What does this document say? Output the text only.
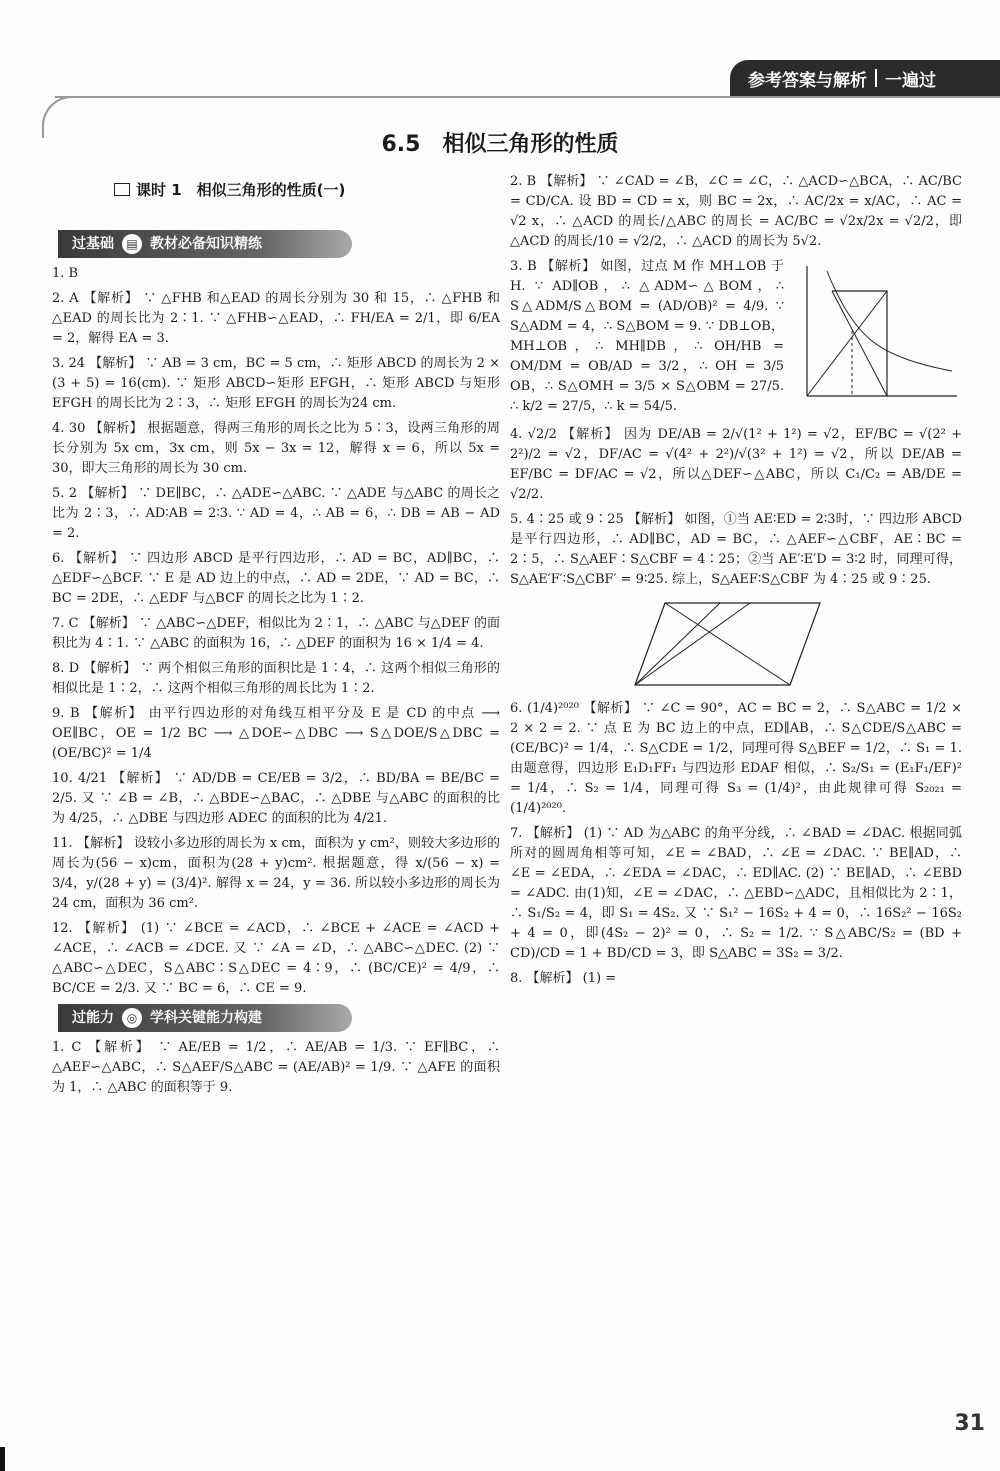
参考答案与解析 一遍过
6.5　相似三角形的性质
课时 1　相似三角形的性质(一)
过基础	▤ 教材必备知识精练

1. B

2. A 【解析】 ∵ △FHB 和△EAD 的周长分别为 30 和 15，∴ △FHB 和△EAD 的周长比为 2∶1. ∵ △FHB∽△EAD，∴ FH/EA = 2/1，即 6/EA = 2，解得 EA = 3.

3. 24 【解析】 ∵ AB = 3 cm，BC = 5 cm，∴ 矩形 ABCD 的周长为 2 × (3 + 5) = 16(cm). ∵ 矩形 ABCD∽矩形 EFGH，∴ 矩形 ABCD 与矩形 EFGH 的周长比为 2∶3，∴ 矩形 EFGH 的周长为24 cm.

4. 30 【解析】 根据题意，得两三角形的周长之比为 5∶3，设两三角形的周长分别为 5x cm，3x cm，则 5x − 3x = 12，解得 x = 6，所以 5x = 30，即大三角形的周长为 30 cm.

5. 2 【解析】 ∵ DE∥BC，∴ △ADE∽△ABC. ∵ △ADE 与△ABC 的周长之比为 2∶3，∴ AD∶AB = 2∶3. ∵ AD = 4，∴ AB = 6，∴ DB = AB − AD = 2.

6. 【解析】 ∵ 四边形 ABCD 是平行四边形，∴ AD = BC，AD∥BC，∴ △EDF∽△BCF. ∵ E 是 AD 边上的中点，∴ AD = 2DE，∵ AD = BC，∴ BC = 2DE，∴ △EDF 与△BCF 的周长之比为 1∶2.

7. C 【解析】 ∵ △ABC∽△DEF，相似比为 2∶1，∴ △ABC 与△DEF 的面积比为 4∶1. ∵ △ABC 的面积为 16，∴ △DEF 的面积为 16 × 1/4 = 4.

8. D 【解析】 ∵ 两个相似三角形的面积比是 1∶4，∴ 这两个相似三角形的相似比是 1∶2，∴ 这两个相似三角形的周长比为 1∶2.

9. B 【解析】 由平行四边形的对角线互相平分及 E 是 CD 的中点 ⟶ OE∥BC，OE = 1/2 BC ⟶ △DOE∽△DBC ⟶ S△DOE/S△DBC = (OE/BC)² = 1/4

10. 4/21 【解析】 ∵ AD/DB = CE/EB = 3/2，∴ BD/BA = BE/BC = 2/5. 又 ∵ ∠B = ∠B，∴ △BDE∽△BAC，∴ △DBE 与△ABC 的面积的比为 4/25，∴ △DBE 与四边形 ADEC 的面积的比为 4/21.

11. 【解析】 设较小多边形的周长为 x cm，面积为 y cm²，则较大多边形的周长为(56 − x)cm，面积为(28 + y)cm². 根据题意，得 x/(56 − x) = 3/4，y/(28 + y) = (3/4)². 解得 x = 24，y = 36. 所以较小多边形的周长为 24 cm，面积为 36 cm².

12. 【解析】 (1) ∵ ∠BCE = ∠ACD，∴ ∠BCE + ∠ACE = ∠ACD + ∠ACE，∴ ∠ACB = ∠DCE. 又 ∵ ∠A = ∠D，∴ △ABC∽△DEC. (2) ∵ △ABC∽△DEC，S△ABC∶S△DEC = 4∶9，∴ (BC/CE)² = 4/9，∴ BC/CE = 2/3. 又 ∵ BC = 6，∴ CE = 9.

过能力	◎ 学科关键能力构建

1. C 【解析】 ∵ AE/EB = 1/2，∴ AE/AB = 1/3. ∵ EF∥BC，∴ △AEF∽△ABC，∴ S△AEF/S△ABC = (AE/AB)² = 1/9. ∵ △AFE 的面积为 1，∴ △ABC 的面积等于 9.

2. B 【解析】 ∵ ∠CAD = ∠B，∠C = ∠C，∴ △ACD∽△BCA，∴ AC/BC = CD/CA. 设 BD = CD = x，则 BC = 2x，∴ AC/2x = x/AC，∴ AC = √2 x，∴ △ACD 的周长/△ABC 的周长 = AC/BC = √2x/2x = √2/2，即 △ACD 的周长/10 = √2/2，∴ △ACD 的周长为 5√2.

3. B 【解析】 如图，过点 M 作 MH⊥OB 于 H. ∵ AD∥OB，∴ △ADM∽△BOM，∴ S△ADM/S△BOM = (AD/OB)² = 4/9. ∵ S△ADM = 4，∴ S△BOM = 9. ∵ DB⊥OB，MH⊥OB，∴ MH∥DB，∴ OH/HB = OM/DM = OB/AD = 3/2，∴ OH = 3/5 OB，∴ S△OMH = 3/5 × S△OBM = 27/5. ∴ k/2 = 27/5，∴ k = 54/5.

4. √2/2 【解析】 因为 DE/AB = 2/√(1² + 1²) = √2，EF/BC = √(2² + 2²)/2 = √2，DF/AC = √(4² + 2²)/√(3² + 1²) = √2，所以 DE/AB = EF/BC = DF/AC = √2，所以△DEF∽△ABC，所以 C₁/C₂ = AB/DE = √2/2.

5. 4∶25 或 9∶25 【解析】 如图，①当 AE∶ED = 2∶3时，∵ 四边形 ABCD 是平行四边形，∴ AD∥BC，AD = BC，∴ △AEF∽△CBF，AE∶BC = 2∶5，∴ S△AEF∶S△CBF = 4∶25；②当 AE′∶E′D = 3∶2 时，同理可得，S△AE′F′∶S△CBF′ = 9∶25. 综上，S△AEF∶S△CBF 为 4∶25 或 9∶25.

6. (1/4)²⁰²⁰ 【解析】 ∵ ∠C = 90°，AC = BC = 2，∴ S△ABC = 1/2 × 2 × 2 = 2. ∵ 点 E 为 BC 边上的中点，ED∥AB，∴ S△CDE/S△ABC = (CE/BC)² = 1/4，∴ S△CDE = 1/2，同理可得 S△BEF = 1/2，∴ S₁ = 1. 由题意得，四边形 E₁D₁FF₁ 与四边形 EDAF 相似，∴ S₂/S₁ = (E₁F₁/EF)² = 1/4，∴ S₂ = 1/4，同理可得 S₃ = (1/4)²，由此规律可得 S₂₀₂₁ = (1/4)²⁰²⁰.

7. 【解析】 (1) ∵ AD 为△ABC 的角平分线，∴ ∠BAD = ∠DAC. 根据同弧所对的圆周角相等可知，∠E = ∠BAD，∴ ∠E = ∠DAC. ∵ BE∥AD，∴ ∠E = ∠EDA，∴ ∠EDA = ∠DAC，∴ ED∥AC. (2) ∵ BE∥AD，∴ ∠EBD = ∠ADC. 由(1)知，∠E = ∠DAC，∴ △EBD∽△ADC，且相似比为 2∶1，∴ S₁/S₂ = 4，即 S₁ = 4S₂. 又 ∵ S₁² − 16S₂ + 4 = 0，∴ 16S₂² − 16S₂ + 4 = 0，即(4S₂ − 2)² = 0，∴ S₂ = 1/2. ∵ S△ABC/S₂ = (BD + CD)/CD = 1 + BD/CD = 3，即 S△ABC = 3S₂ = 3/2.

8. 【解析】 (1) =

31
